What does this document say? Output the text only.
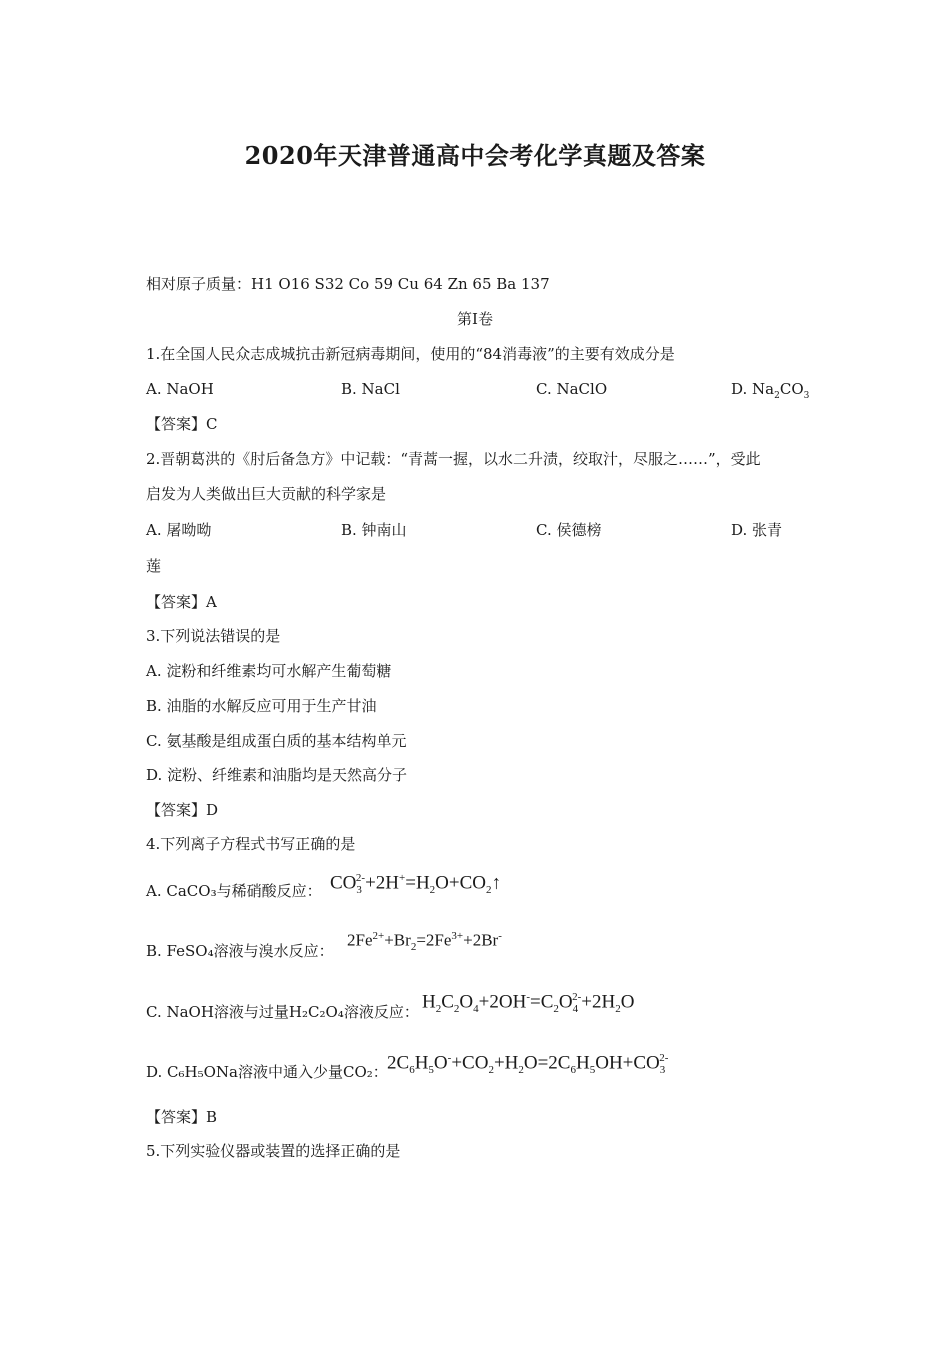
2020年天津普通高中会考化学真题及答案
相对原子质量：H1 O16 S32 Co 59 Cu 64 Zn 65 Ba 137
第Ⅰ卷
1.在全国人民众志成城抗击新冠病毒期间，使用的“84消毒液”的主要有效成分是
A. NaOH	B. NaCl	C. NaClO	D. $Na_2CO_3$
【答案】C
2.晋朝葛洪的《肘后备急方》中记载：“青蒿一握，以水二升渍，绞取汁，尽服之……”，受此
启发为人类做出巨大贡献的科学家是
A. 屠呦呦	B. 钟南山	C. 侯德榜	D. 张青
莲
【答案】A
3.下列说法错误的是
A. 淀粉和纤维素均可水解产生葡萄糖
B. 油脂的水解反应可用于生产甘油
C. 氨基酸是组成蛋白质的基本结构单元
D. 淀粉、纤维素和油脂均是天然高分子
【答案】D
4.下列离子方程式书写正确的是
A. CaCO₃与稀硝酸反应： $CO_3^{2-}+2H^+=H_2O+CO_2↑$
B. FeSO₄溶液与溴水反应：
$2Fe^{2+}+Br_2=2Fe^{3+}+2Br^-$
C. NaOH溶液与过量H₂C₂O₄溶液反应： $H_2C_2O_4+2OH^-=C_2O_4^{2-}+2H_2O$
D. C₆H₅ONa溶液中通入少量CO₂： $2C_6H_5O^-+CO_2+H_2O=2C_6H_5OH+CO_3^{2-}$
【答案】B
5.下列实验仪器或装置的选择正确的是
